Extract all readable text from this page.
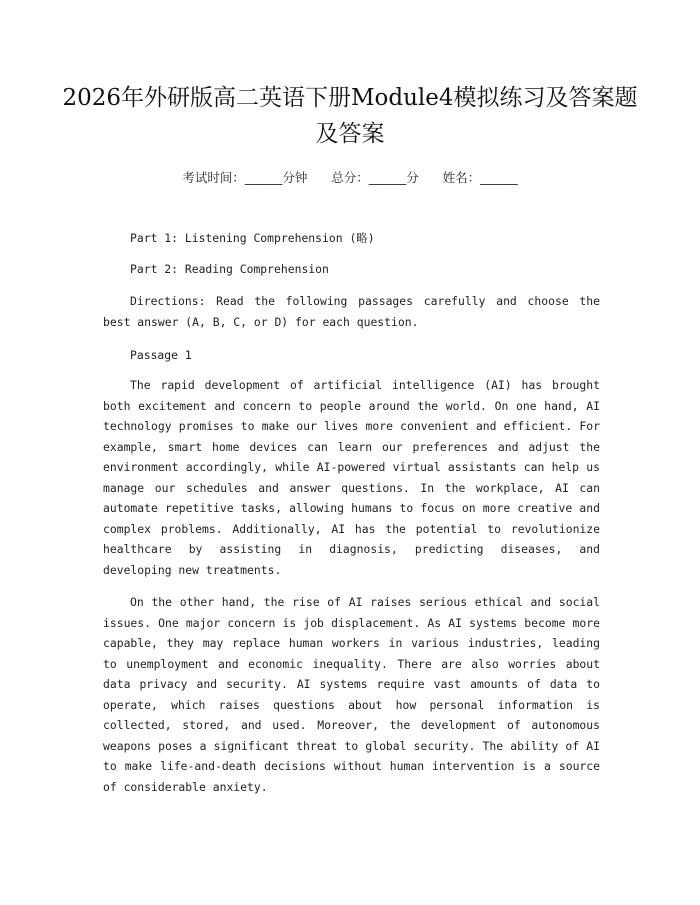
2026年外研版高二英语下册Module4模拟练习及答案题及答案
考试时间：______分钟 总分：______分 姓名：______

Part 1: Listening Comprehension (略)

Part 2: Reading Comprehension

Directions: Read the following passages carefully and choose the best answer (A, B, C, or D) for each question.

Passage 1

The rapid development of artificial intelligence (AI) has brought both excitement and concern to people around the world. On one hand, AI technology promises to make our lives more convenient and efficient. For example, smart home devices can learn our preferences and adjust the environment accordingly, while AI-powered virtual assistants can help us manage our schedules and answer questions. In the workplace, AI can automate repetitive tasks, allowing humans to focus on more creative and complex problems. Additionally, AI has the potential to revolutionize healthcare by assisting in diagnosis, predicting diseases, and developing new treatments.

On the other hand, the rise of AI raises serious ethical and social issues. One major concern is job displacement. As AI systems become more capable, they may replace human workers in various industries, leading to unemployment and economic inequality. There are also worries about data privacy and security. AI systems require vast amounts of data to operate, which raises questions about how personal information is collected, stored, and used. Moreover, the development of autonomous weapons poses a significant threat to global security. The ability of AI to make life-and-death decisions without human intervention is a source of considerable anxiety.
